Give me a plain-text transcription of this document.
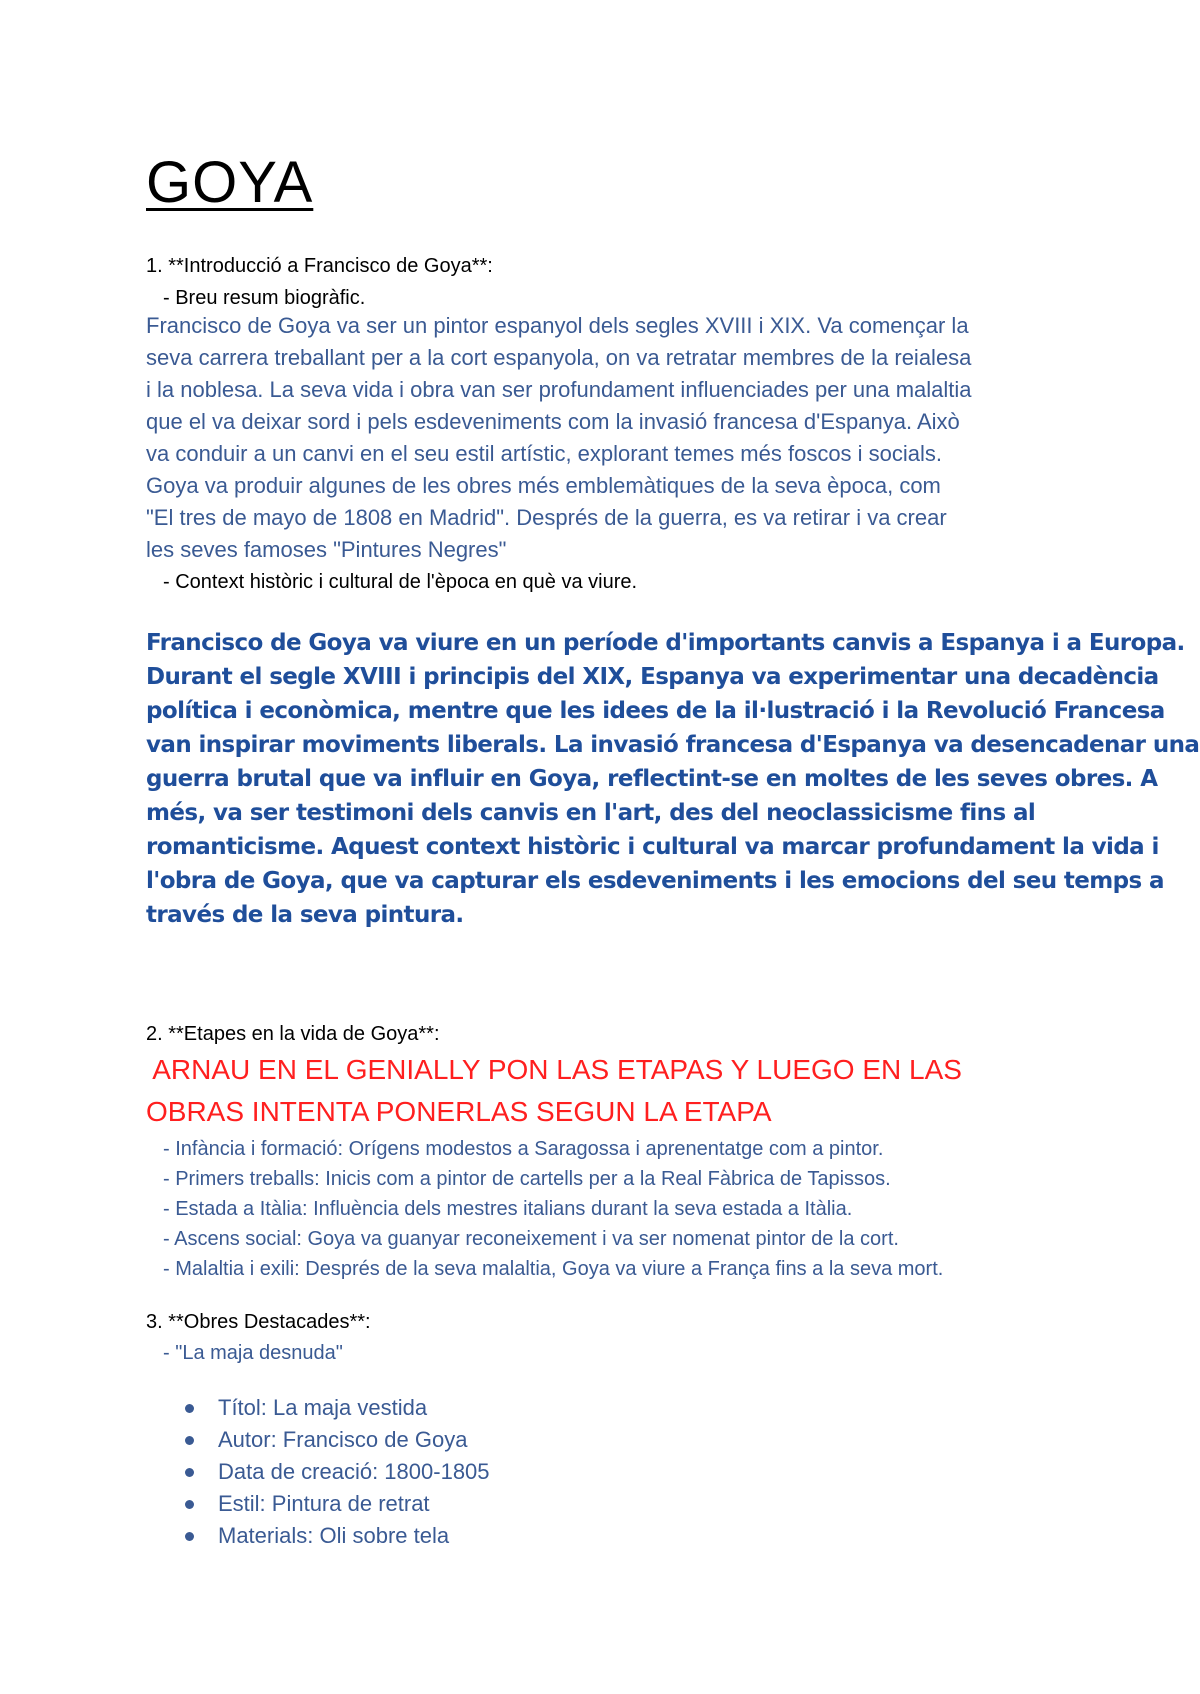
GOYA

1. **Introducció a Francisco de Goya**:

- Breu resum biogràfic.

Francisco de Goya va ser un pintor espanyol dels segles XVIII i XIX. Va començar la

seva carrera treballant per a la cort espanyola, on va retratar membres de la reialesa

i la noblesa. La seva vida i obra van ser profundament influenciades per una malaltia

que el va deixar sord i pels esdeveniments com la invasió francesa d'Espanya. Això

va conduir a un canvi en el seu estil artístic, explorant temes més foscos i socials.

Goya va produir algunes de les obres més emblemàtiques de la seva època, com

"El tres de mayo de 1808 en Madrid". Després de la guerra, es va retirar i va crear

les seves famoses "Pintures Negres"

- Context històric i cultural de l'època en què va viure.

Francisco de Goya va viure en un període d'importants canvis a Espanya i a Europa.

Durant el segle XVIII i principis del XIX, Espanya va experimentar una decadència

política i econòmica, mentre que les idees de la il·lustració i la Revolució Francesa

van inspirar moviments liberals. La invasió francesa d'Espanya va desencadenar una

guerra brutal que va influir en Goya, reflectint-se en moltes de les seves obres. A

més, va ser testimoni dels canvis en l'art, des del neoclassicisme fins al

romanticisme. Aquest context històric i cultural va marcar profundament la vida i

l'obra de Goya, que va capturar els esdeveniments i les emocions del seu temps a

través de la seva pintura.

2. **Etapes en la vida de Goya**:

ARNAU EN EL GENIALLY PON LAS ETAPAS Y LUEGO EN LAS

OBRAS INTENTA PONERLAS SEGUN LA ETAPA

- Infància i formació: Orígens modestos a Saragossa i aprenentatge com a pintor.

- Primers treballs: Inicis com a pintor de cartells per a la Real Fàbrica de Tapissos.

- Estada a Itàlia: Influència dels mestres italians durant la seva estada a Itàlia.

- Ascens social: Goya va guanyar reconeixement i va ser nomenat pintor de la cort.

- Malaltia i exili: Després de la seva malaltia, Goya va viure a França fins a la seva mort.

3. **Obres Destacades**:

- "La maja desnuda"

Títol: La maja vestida
Autor: Francisco de Goya
Data de creació: 1800-1805
Estil: Pintura de retrat
Materials: Oli sobre tela
